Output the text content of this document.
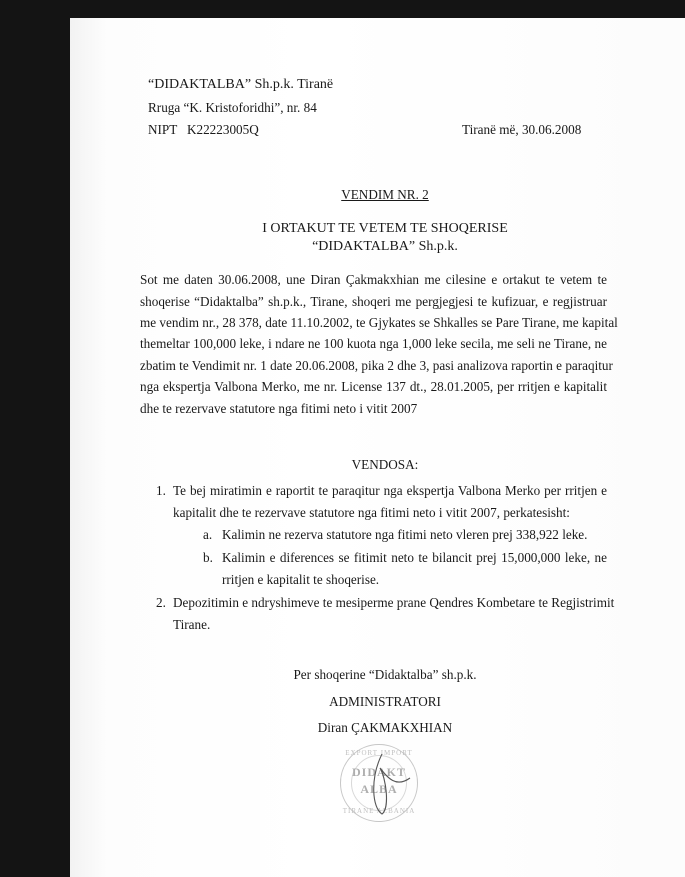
“DIDAKTALBA” Sh.p.k. Tiranë
Rruga “K. Kristoforidhi”, nr. 84
NIPT   K22223005Q	Tiranë më, 30.06.2008
VENDIM NR. 2
I ORTAKUT TE VETEM TE SHOQERISE
“DIDAKTALBA” Sh.p.k.
Sot me daten 30.06.2008, une Diran Çakmakxhian me cilesine e ortakut te vetem te
shoqerise “Didaktalba” sh.p.k., Tirane, shoqeri me pergjegjesi te kufizuar, e regjistruar
me vendim nr., 28 378, date 11.10.2002, te Gjykates se Shkalles se Pare Tirane, me kapital
themeltar 100,000 leke, i ndare ne 100 kuota nga 1,000 leke secila, me seli ne Tirane, ne
zbatim te Vendimit nr. 1 date 20.06.2008, pika 2 dhe 3, pasi analizova raportin e paraqitur
nga ekspertja Valbona Merko, me nr. License 137 dt., 28.01.2005, per rritjen e kapitalit
dhe te rezervave statutore nga fitimi neto i vitit 2007
VENDOSA:
1. Te bej miratimin e raportit te paraqitur nga ekspertja Valbona Merko per rritjen e
kapitalit dhe te rezervave statutore nga fitimi neto i vitit 2007, perkatesisht:
a. Kalimin ne rezerva statutore nga fitimi neto vleren prej 338,922 leke.
b. Kalimin e diferences se fitimit neto te bilancit prej 15,000,000 leke, ne
rritjen e kapitalit te shoqerise.
2. Depozitimin e ndryshimeve te mesiperme prane Qendres Kombetare te Regjistrimit
Tirane.
Per shoqerine “Didaktalba” sh.p.k.
ADMINISTRATORI
Diran ÇAKMAKXHIAN
EXPORT IMPORT
DIDAKT
ALBA
TIRANE ALBANIA
